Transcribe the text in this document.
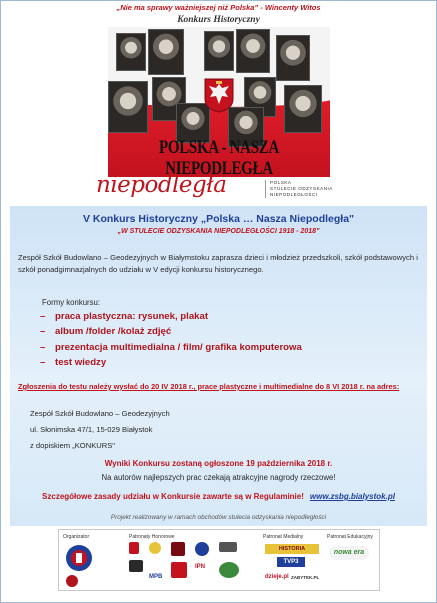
„Nie ma sprawy ważniejszej niż Polska” - Wincenty Witos
Konkurs Historyczny
POLSKA - NASZA NIEPODLEGŁA
niepodległa	POLSKA
STULECIE ODZYSKANIA
NIEPODLEGŁOŚCI
V Konkurs Historyczny „Polska … Nasza Niepodległa"
„W STULECIE ODZYSKANIA NIEPODLEGŁOŚCI 1918 - 2018"
Zespół Szkół Budowlano – Geodezyjnych w Białymstoku zaprasza dzieci i młodzież przedszkoli, szkół podstawowych i szkół ponadgimnazjalnych do udziału w V edycji konkursu historycznego.
Formy konkursu:
– praca plastyczna: rysunek, plakat
– album /folder /kolaż zdjęć
– prezentacja multimedialna / film/ grafika komputerowa
– test wiedzy
Zgłoszenia do testu należy wysłać do 20 IV 2018 r., prace plastyczne i multimedialne do 8 VI 2018 r. na adres:
Zespół Szkół Budowlano – Geodezyjnych
ul. Słonimska 47/1, 15-029 Białystok
z dopiskiem „KONKURS"
Wyniki Konkursu zostaną ogłoszone 19 października 2018 r.
Na autorów najlepszych prac czekają atrakcyjne nagrody rzeczowe!
Szczegółowe zasady udziału w Konkursie zawarte są w Regulaminie! www.zsbg.bialystok.pl
Projekt realizowany w ramach obchodów stulecia odzyskania niepodległości
Organizator	Patronaty Honorowe	Patronat Medialny	Patronat Edukacyjny
MPB
IPN
HISTORIA
TVP3
dzieje.pl ZABYTEK.PL
nowa era
